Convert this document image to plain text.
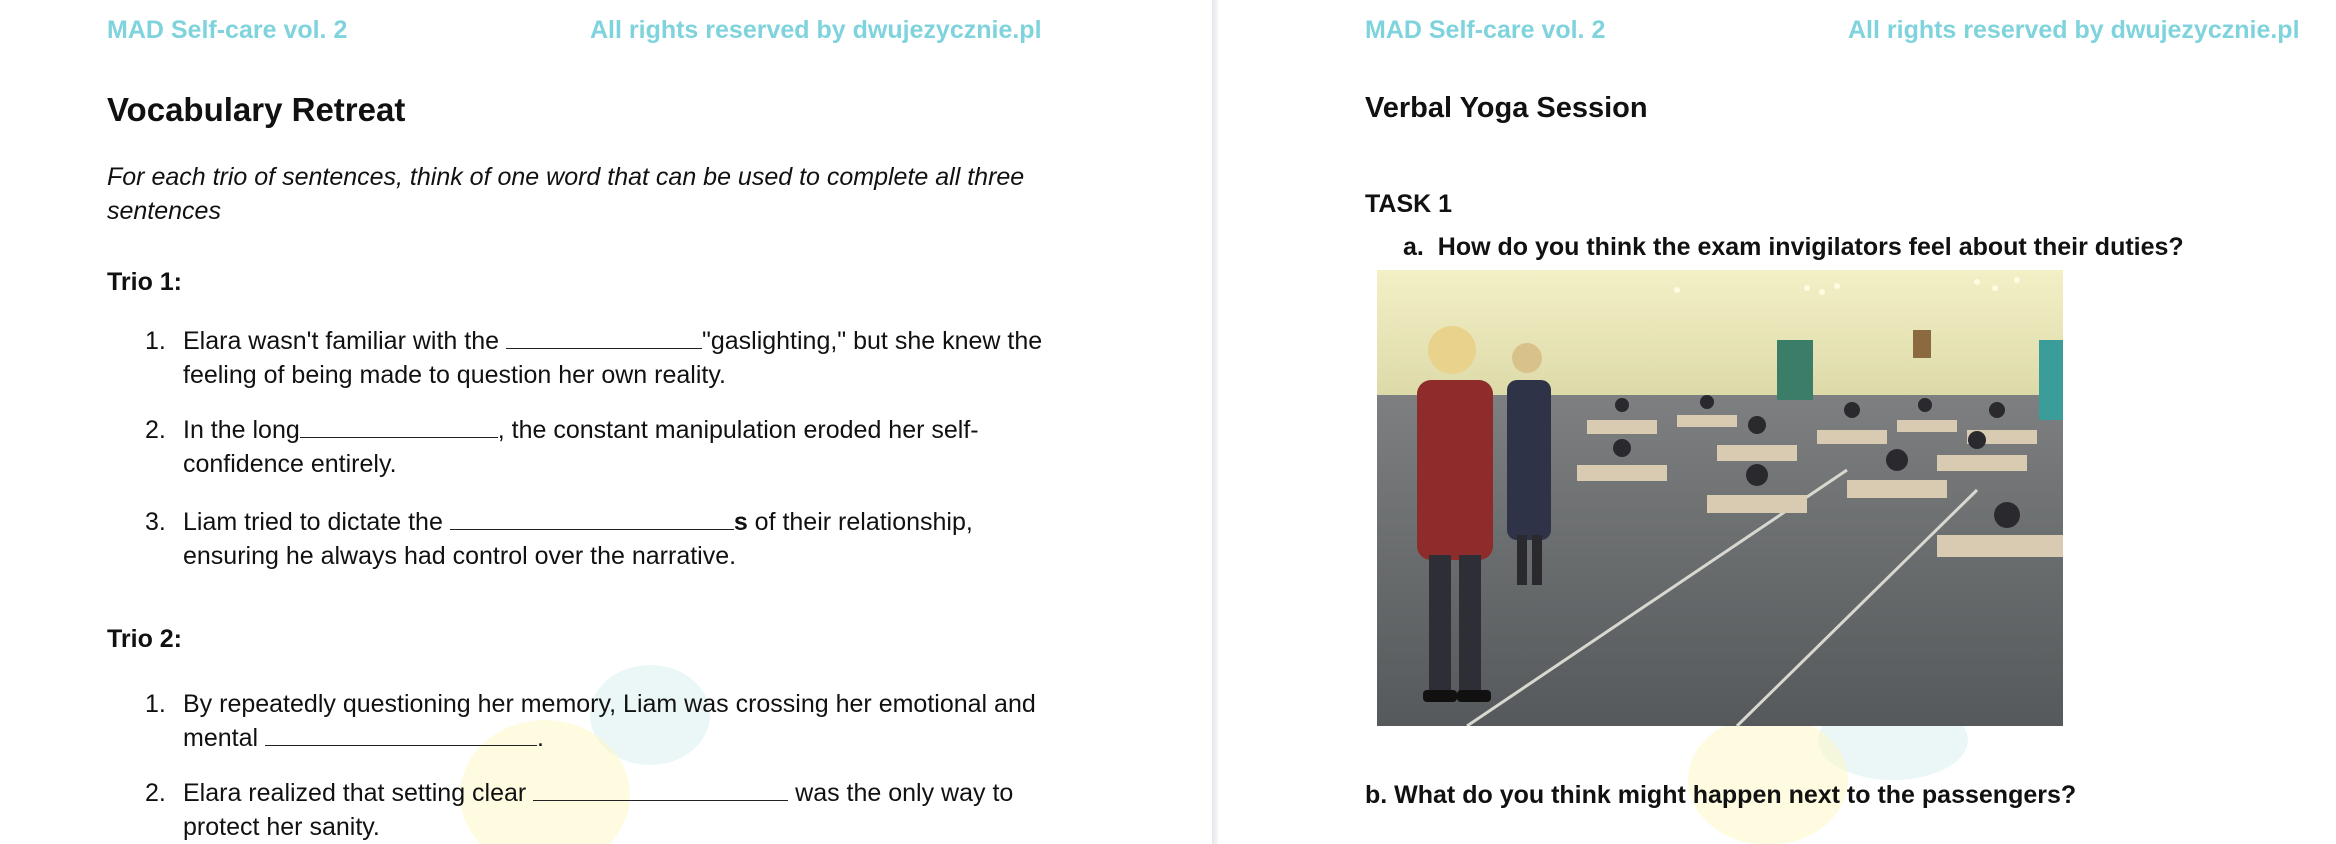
MAD Self-care vol. 2	All rights reserved by dwujezycznie.pl
Vocabulary Retreat
For each trio of sentences, think of one word that can be used to complete all three sentences
Trio 1:
1. Elara wasn't familiar with the	"gaslighting," but she knew the feeling of being made to question her own reality.
2. In the long	, the constant manipulation eroded her self-confidence entirely.
3. Liam tried to dictate the	s of their relationship, ensuring he always had control over the narrative.
Trio 2:
1. By repeatedly questioning her memory, Liam was crossing her emotional and mental	.
2. Elara realized that setting clear	was the only way to protect her sanity.
MAD Self-care vol. 2	All rights reserved by dwujezycznie.pl
Verbal Yoga Session
TASK 1
a. How do you think the exam invigilators feel about their duties?
b. What do you think might happen next to the passengers?
